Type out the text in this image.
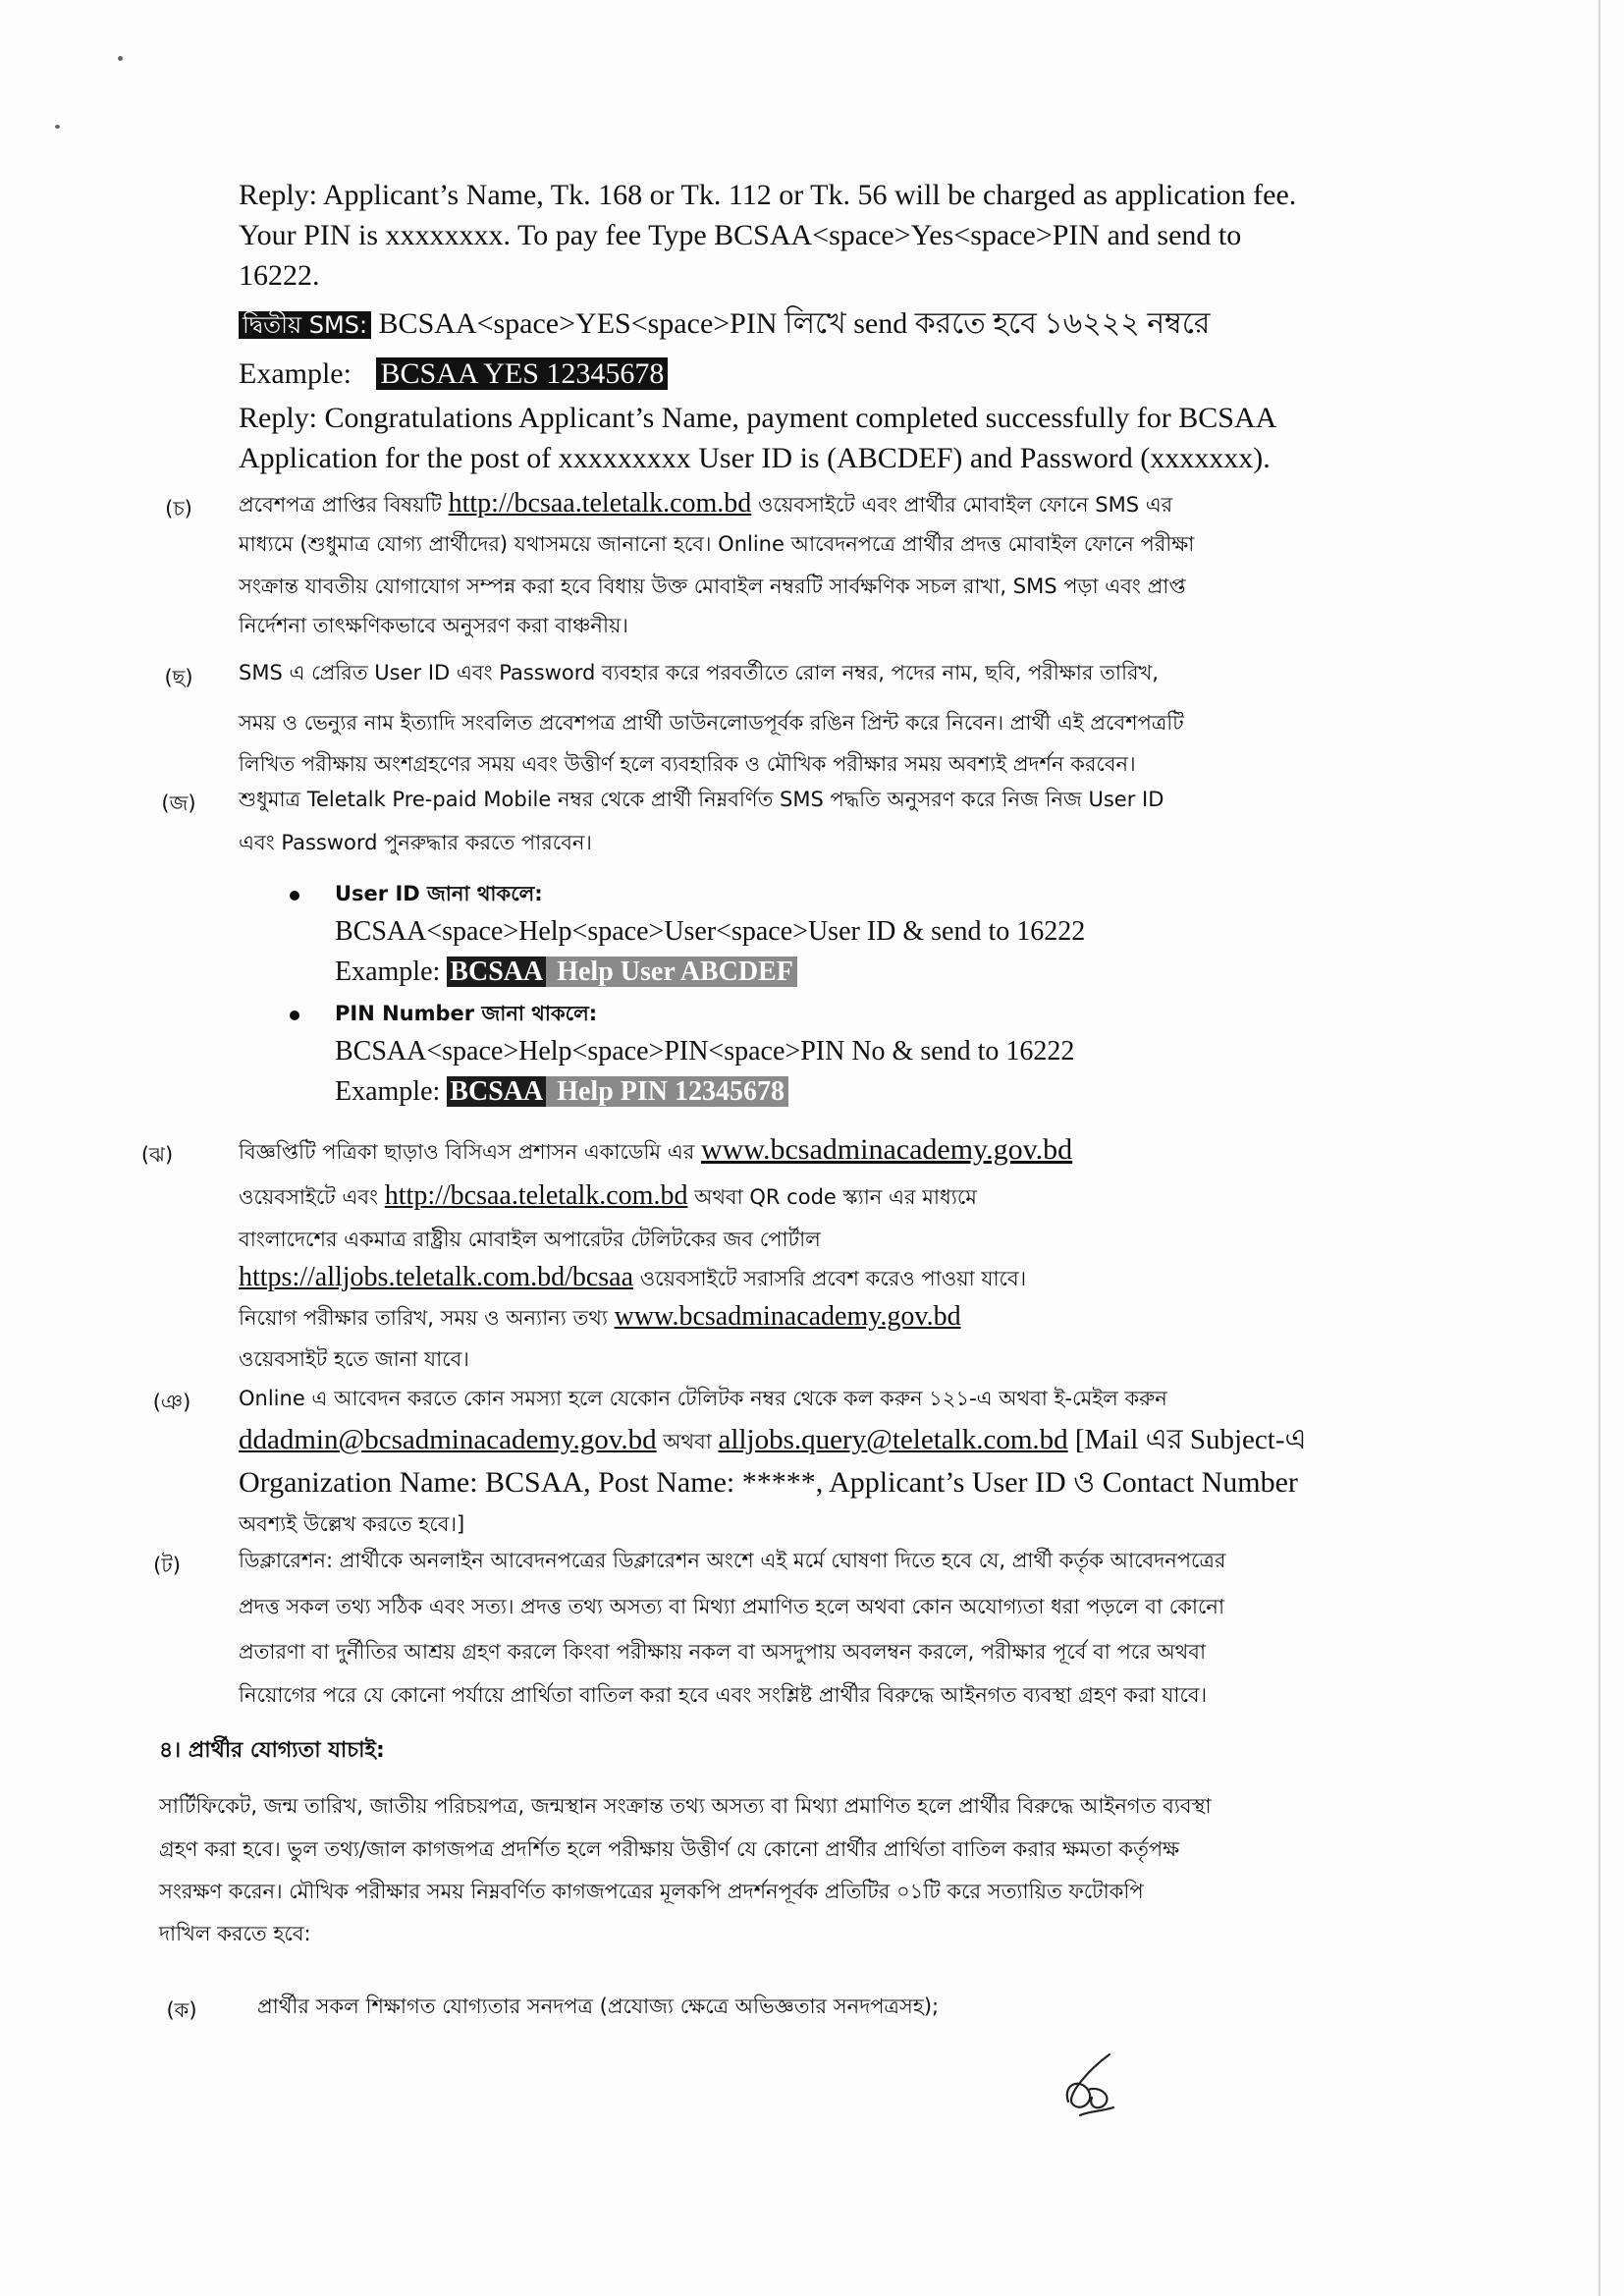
Reply: Applicant’s Name, Tk. 168 or Tk. 112 or Tk. 56 will be charged as application fee.
Your PIN is xxxxxxxx. To pay fee Type BCSAA<space>Yes<space>PIN and send to
16222.
দ্বিতীয় SMS: BCSAA<space>YES<space>PIN লিখে send করতে হবে ১৬২২২ নম্বরে
Example: BCSAA YES 12345678
Reply: Congratulations Applicant’s Name, payment completed successfully for BCSAA
Application for the post of xxxxxxxxx User ID is (ABCDEF) and Password (xxxxxxx).
(চ)	প্রবেশপত্র প্রাপ্তির বিষয়টি http://bcsaa.teletalk.com.bd ওয়েবসাইটে এবং প্রার্থীর মোবাইল ফোনে SMS এর
মাধ্যমে (শুধুমাত্র যোগ্য প্রার্থীদের) যথাসময়ে জানানো হবে। Online আবেদনপত্রে প্রার্থীর প্রদত্ত মোবাইল ফোনে পরীক্ষা
সংক্রান্ত যাবতীয় যোগাযোগ সম্পন্ন করা হবে বিধায় উক্ত মোবাইল নম্বরটি সার্বক্ষণিক সচল রাখা, SMS পড়া এবং প্রাপ্ত
নির্দেশনা তাৎক্ষণিকভাবে অনুসরণ করা বাঞ্চনীয়।
(ছ)	SMS এ প্রেরিত User ID এবং Password ব্যবহার করে পরবর্তীতে রোল নম্বর, পদের নাম, ছবি, পরীক্ষার তারিখ,
সময় ও ভেন্যুর নাম ইত্যাদি সংবলিত প্রবেশপত্র প্রার্থী ডাউনলোডপূর্বক রঙিন প্রিন্ট করে নিবেন। প্রার্থী এই প্রবেশপত্রটি
লিখিত পরীক্ষায় অংশগ্রহণের সময় এবং উত্তীর্ণ হলে ব্যবহারিক ও মৌখিক পরীক্ষার সময় অবশ্যই প্রদর্শন করবেন।
(জ)	শুধুমাত্র Teletalk Pre-paid Mobile নম্বর থেকে প্রার্থী নিম্নবর্ণিত SMS পদ্ধতি অনুসরণ করে নিজ নিজ User ID
এবং Password পুনরুদ্ধার করতে পারবেন।
User ID জানা থাকলে:
BCSAA<space>Help<space>User<space>User ID & send to 16222
Example: BCSAA Help User ABCDEF
PIN Number জানা থাকলে:
BCSAA<space>Help<space>PIN<space>PIN No & send to 16222
Example: BCSAA Help PIN 12345678
(ঝ)	বিজ্ঞপ্তিটি পত্রিকা ছাড়াও বিসিএস প্রশাসন একাডেমি এর www.bcsadminacademy.gov.bd
ওয়েবসাইটে এবং http://bcsaa.teletalk.com.bd অথবা QR code স্ক্যান এর মাধ্যমে
বাংলাদেশের একমাত্র রাষ্ট্রীয় মোবাইল অপারেটর টেলিটকের জব পোর্টাল
https://alljobs.teletalk.com.bd/bcsaa ওয়েবসাইটে সরাসরি প্রবেশ করেও পাওয়া যাবে।
নিয়োগ পরীক্ষার তারিখ, সময় ও অন্যান্য তথ্য www.bcsadminacademy.gov.bd
ওয়েবসাইট হতে জানা যাবে।
(ঞ)	Online এ আবেদন করতে কোন সমস্যা হলে যেকোন টেলিটক নম্বর থেকে কল করুন ১২১-এ অথবা ই-মেইল করুন
ddadmin@bcsadminacademy.gov.bd অথবা alljobs.query@teletalk.com.bd [Mail এর Subject-এ
Organization Name: BCSAA, Post Name: *****, Applicant’s User ID ও Contact Number
অবশ্যই উল্লেখ করতে হবে।]
(ট)	ডিক্লারেশন: প্রার্থীকে অনলাইন আবেদনপত্রের ডিক্লারেশন অংশে এই মর্মে ঘোষণা দিতে হবে যে, প্রার্থী কর্তৃক আবেদনপত্রের
প্রদত্ত সকল তথ্য সঠিক এবং সত্য। প্রদত্ত তথ্য অসত্য বা মিথ্যা প্রমাণিত হলে অথবা কোন অযোগ্যতা ধরা পড়লে বা কোনো
প্রতারণা বা দুর্নীতির আশ্রয় গ্রহণ করলে কিংবা পরীক্ষায় নকল বা অসদুপায় অবলম্বন করলে, পরীক্ষার পূর্বে বা পরে অথবা
নিয়োগের পরে যে কোনো পর্যায়ে প্রার্থিতা বাতিল করা হবে এবং সংশ্লিষ্ট প্রার্থীর বিরুদ্ধে আইনগত ব্যবস্থা গ্রহণ করা যাবে।
৪। প্রার্থীর যোগ্যতা যাচাই:
সার্টিফিকেট, জন্ম তারিখ, জাতীয় পরিচয়পত্র, জন্মস্থান সংক্রান্ত তথ্য অসত্য বা মিথ্যা প্রমাণিত হলে প্রার্থীর বিরুদ্ধে আইনগত ব্যবস্থা
গ্রহণ করা হবে। ভুল তথ্য/জাল কাগজপত্র প্রদর্শিত হলে পরীক্ষায় উত্তীর্ণ যে কোনো প্রার্থীর প্রার্থিতা বাতিল করার ক্ষমতা কর্তৃপক্ষ
সংরক্ষণ করেন। মৌখিক পরীক্ষার সময় নিম্নবর্ণিত কাগজপত্রের মূলকপি প্রদর্শনপূর্বক প্রতিটির ০১টি করে সত্যায়িত ফটোকপি
দাখিল করতে হবে:
(ক)	প্রার্থীর সকল শিক্ষাগত যোগ্যতার সনদপত্র (প্রযোজ্য ক্ষেত্রে অভিজ্ঞতার সনদপত্রসহ);
